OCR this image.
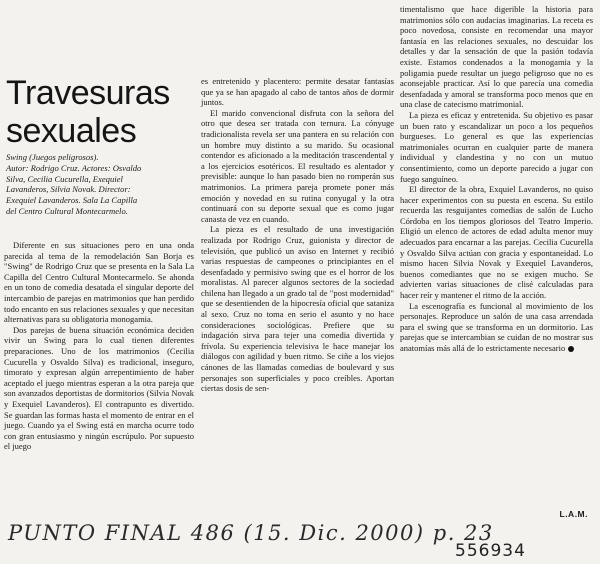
Travesuras
sexuales
Swing (Juegos peligrosos).
Autor: Rodrigo Cruz. Actores: Osvaldo
Silva, Cecilia Cucurella, Exequiel
Lavanderos, Silvia Novak. Director:
Exequiel Lavanderos. Sala La Capilla
del Centro Cultural Montecarmelo.

Diferente en sus situaciones pero en una onda parecida al tema de la remodelación San Borja es "Swing" de Rodrigo Cruz que se presenta en la Sala La Capilla del Centro Cultural Montecarmelo. Se ahonda en un tono de comedia desatada el singular deporte del intercambio de parejas en matrimonios que han perdido todo encanto en sus relaciones sexuales y que necesitan alternativas para su obligatoria monogamia.

Dos parejas de buena situación económica deciden vivir un Swing para lo cual tienen diferentes preparaciones. Uno de los matrimonios (Cecilia Cucurella y Osvaldo Silva) es tradicional, inseguro, timorato y expresan algún arrepentimiento de haber aceptado el juego mientras esperan a la otra pareja que son avanzados deportistas de dormitorios (Silvia Novak y Exequiel Lavanderos). El contrapunto es divertido. Se guardan las formas hasta el momento de entrar en el juego. Cuando ya el Swing está en marcha ocurre todo con gran entusiasmo y ningún escrúpulo. Por supuesto el juego

es entretenido y placentero: permite desatar fantasías que ya se han apagado al cabo de tantos años de dormir juntos.

El marido convencional disfruta con la señora del otro que desea ser tratada con ternura. La cónyuge tradicionalista revela ser una pantera en su relación con un hombre muy distinto a su marido. Su ocasional contendor es aficionado a la meditación trascendental y a los ejercicios esotéricos. El resultado es alentador y previsible: aunque lo han pasado bien no romperán sus matrimonios. La primera pareja promete poner más emoción y novedad en su rutina conyugal y la otra continuará con su deporte sexual que es como jugar canasta de vez en cuando.

La pieza es el resultado de una investigación realizada por Rodrigo Cruz, guionista y director de televisión, que publicó un aviso en Internet y recibió varias respuestas de campeones o principiantes en el desenfadado y permisivo swing que es el horror de los moralistas. Al parecer algunos sectores de la sociedad chilena han llegado a un grado tal de "post modernidad" que se desentienden de la hipocresía oficial que sataniza al sexo. Cruz no toma en serio el asunto y no hace consideraciones sociológicas. Prefiere que su indagación sirva para tejer una comedia divertida y frívola. Su experiencia televisiva le hace manejar los diálogos con agilidad y buen ritmo. Se ciñe a los viejos cánones de las llamadas comedias de boulevard y sus personajes son superficiales y poco creíbles. Aportan ciertas dosis de sen-

timentalismo que hace digerible la historia para matrimonios sólo con audacias imaginarias. La receta es poco novedosa, consiste en recomendar una mayor fantasía en las relaciones sexuales, no descuidar los detalles y dar la sensación de que la pasión todavía existe. Estamos condenados a la monogamia y la poligamia puede resultar un juego peligroso que no es aconsejable practicar. Así lo que parecía una comedia desenfadada y amoral se transforma poco menos que en una clase de catecismo matrimonial.

La pieza es eficaz y entretenida. Su objetivo es pasar un buen rato y escandalizar un poco a los pequeños burgueses. Lo general es que las experiencias matrimoniales ocurran en cualquier parte de manera individual y clandestina y no con un mutuo consentimiento, como un deporte parecido a jugar con fuego sanguíneo.

El director de la obra, Exquiel Lavanderos, no quiso hacer experimentos con su puesta en escena. Su estilo recuerda las resguijantes comedias de salón de Lucho Córdoba en los tiempos gloriosos del Teatro Imperio. Eligió un elenco de actores de edad adulta menor muy adecuados para encarnar a las parejas. Cecilia Cucurella y Osvaldo Silva actúan con gracia y espontaneidad. Lo mismo hacen Silvia Novak y Exequiel Lavanderos, buenos comediantes que no se exigen mucho. Se advierten varias situaciones de clisé calculadas para hacer reír y mantener el ritmo de la acción.

La escenografía es funcional al movimiento de los personajes. Reproduce un salón de una casa arrendada para el swing que se transforma en un dormitorio. Las parejas que se intercambian se cuidan de no mostrar sus anatomías más allá de lo estrictamente necesario

L.A.M.
PUNTO FINAL 486 (15. Dic. 2000) p. 23
556934
